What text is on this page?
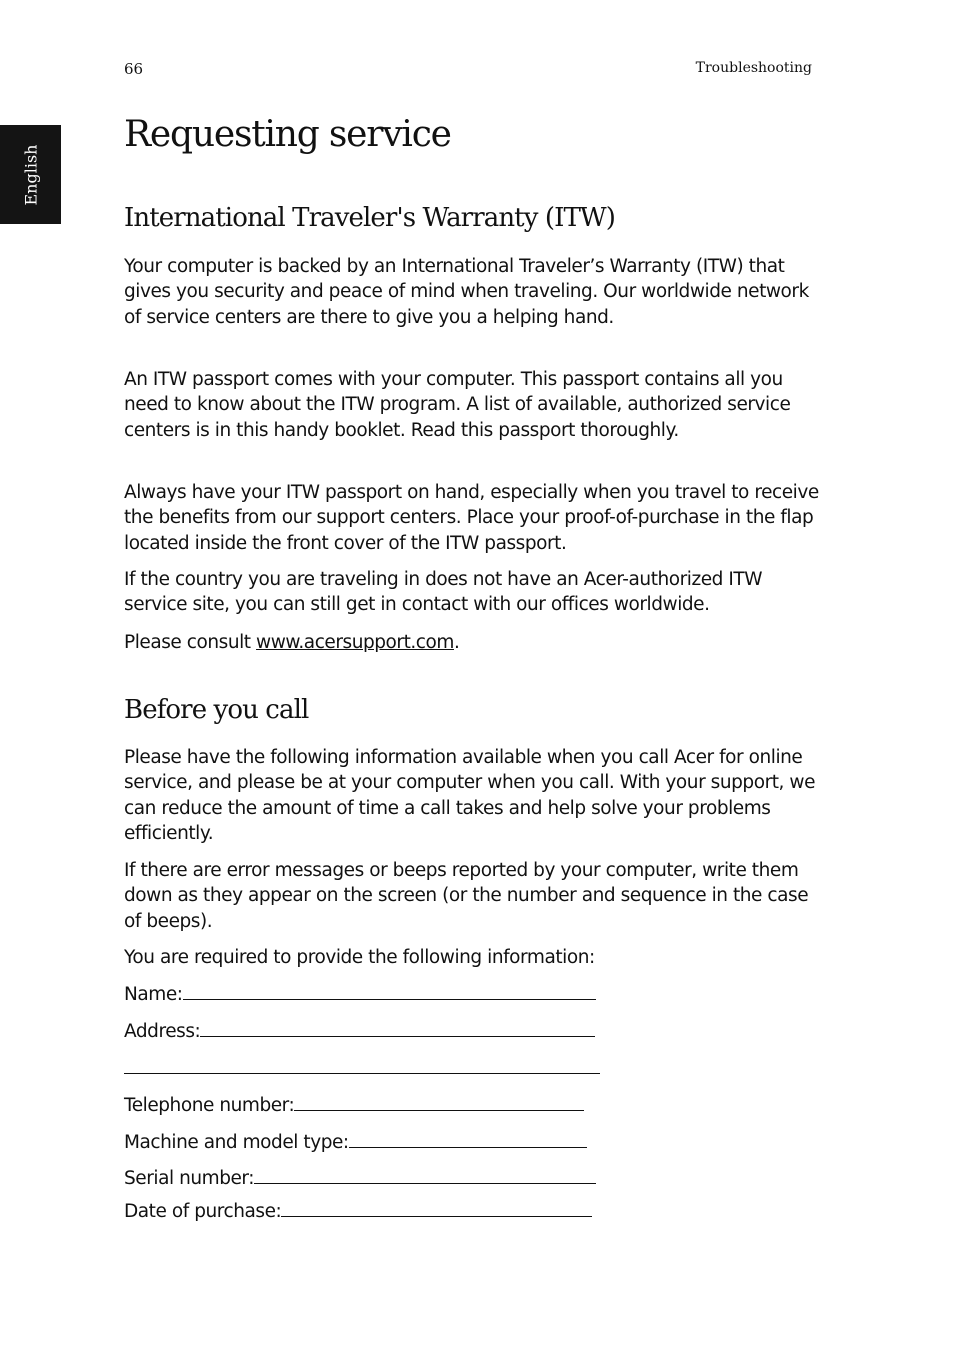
66	Troubleshooting
English
Requesting service
International Traveler's Warranty (ITW)

Your computer is backed by an International Traveler’s Warranty (ITW) that gives you security and peace of mind when traveling. Our worldwide network of service centers are there to give you a helping hand.

An ITW passport comes with your computer. This passport contains all you need to know about the ITW program. A list of available, authorized service centers is in this handy booklet. Read this passport thoroughly.

Always have your ITW passport on hand, especially when you travel to receive the benefits from our support centers. Place your proof-of-purchase in the flap located inside the front cover of the ITW passport.

If the country you are traveling in does not have an Acer-authorized ITW service site, you can still get in contact with our offices worldwide.

Please consult www.acersupport.com.

Before you call

Please have the following information available when you call Acer for online service, and please be at your computer when you call. With your support, we can reduce the amount of time a call takes and help solve your problems efficiently.

If there are error messages or beeps reported by your computer, write them down as they appear on the screen (or the number and sequence in the case of beeps).

You are required to provide the following information:

Name:
Address:
Telephone number:
Machine and model type:
Serial number:
Date of purchase:
